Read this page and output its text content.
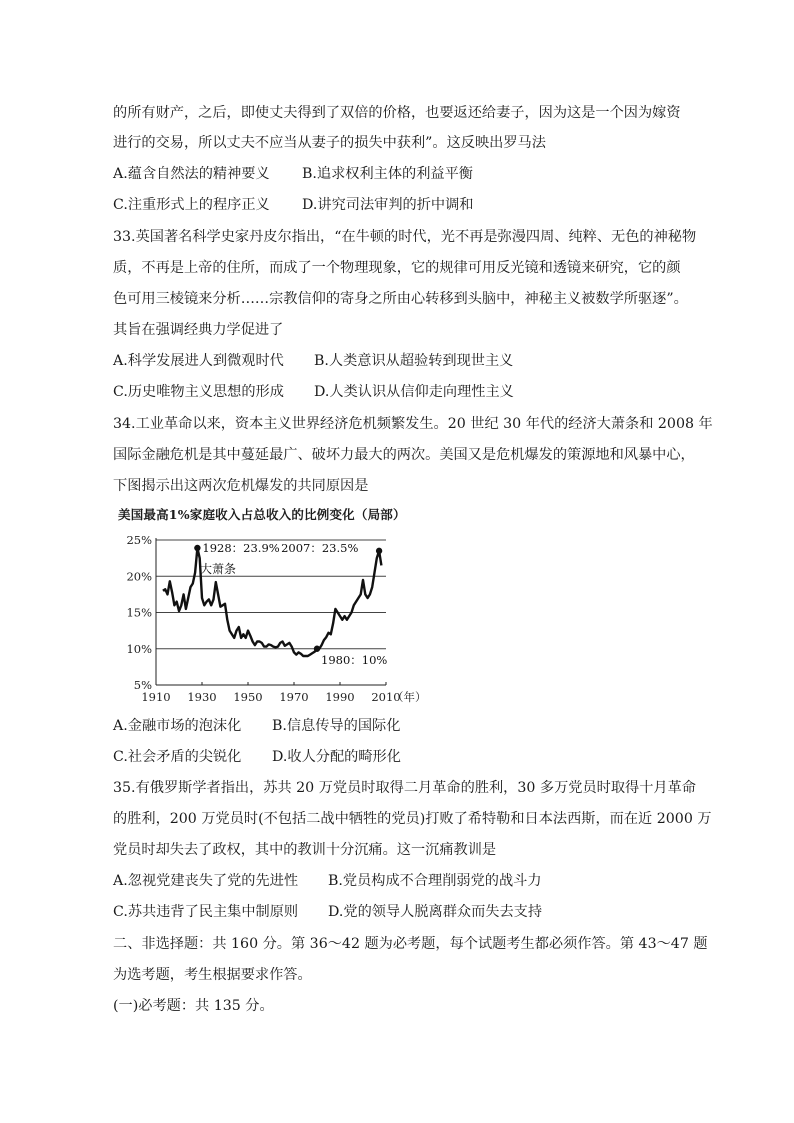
的所有财产，之后，即使丈夫得到了双倍的价格，也要返还给妻子，因为这是一个因为嫁资
进行的交易，所以丈夫不应当从妻子的损失中获利”。这反映出罗马法
A.蕴含自然法的精神要义 B.追求权利主体的利益平衡
C.注重形式上的程序正义 D.讲究司法审判的折中调和
33.英国著名科学史家丹皮尔指出，“在牛顿的时代，光不再是弥漫四周、纯粹、无色的神秘物
质，不再是上帝的住所，而成了一个物理现象，它的规律可用反光镜和透镜来研究，它的颜
色可用三棱镜来分析……宗教信仰的寄身之所由心转移到头脑中，神秘主义被数学所驱逐”。
其旨在强调经典力学促进了
A.科学发展进人到微观时代 B.人类意识从超验转到现世主义
C.历史唯物主义思想的形成 D.人类认识从信仰走向理性主义
34.工业革命以来，资本主义世界经济危机频繁发生。20 世纪 30 年代的经济大萧条和 2008 年
国际金融危机是其中蔓延最广、破坏力最大的两次。美国又是危机爆发的策源地和风暴中心，
下图揭示出这两次危机爆发的共同原因是
美国最高1%家庭收入占总收入的比例变化（局部）
5%
10%
15%
20%
25%
1910 1930 1950 1970 1990 2010
（年）
1928：23.9% 2007：23.5%
1980：10%
大萧条
A.金融市场的泡沫化 B.信息传导的国际化
C.社会矛盾的尖锐化 D.收人分配的畸形化
35.有俄罗斯学者指出，苏共 20 万党员时取得二月革命的胜利，30 多万党员时取得十月革命
的胜利，200 万党员时(不包括二战中牺牲的党员)打败了希特勒和日本法西斯，而在近 2000 万
党员时却失去了政权，其中的教训十分沉痛。这一沉痛教训是
A.忽视党建丧失了党的先进性 B.党员构成不合理削弱党的战斗力
C.苏共违背了民主集中制原则 D.党的领导人脱离群众而失去支持
二、非选择题：共 160 分。第 36～42 题为必考题，每个试题考生都必须作答。第 43～47 题
为选考题，考生根据要求作答。
(一)必考题：共 135 分。
